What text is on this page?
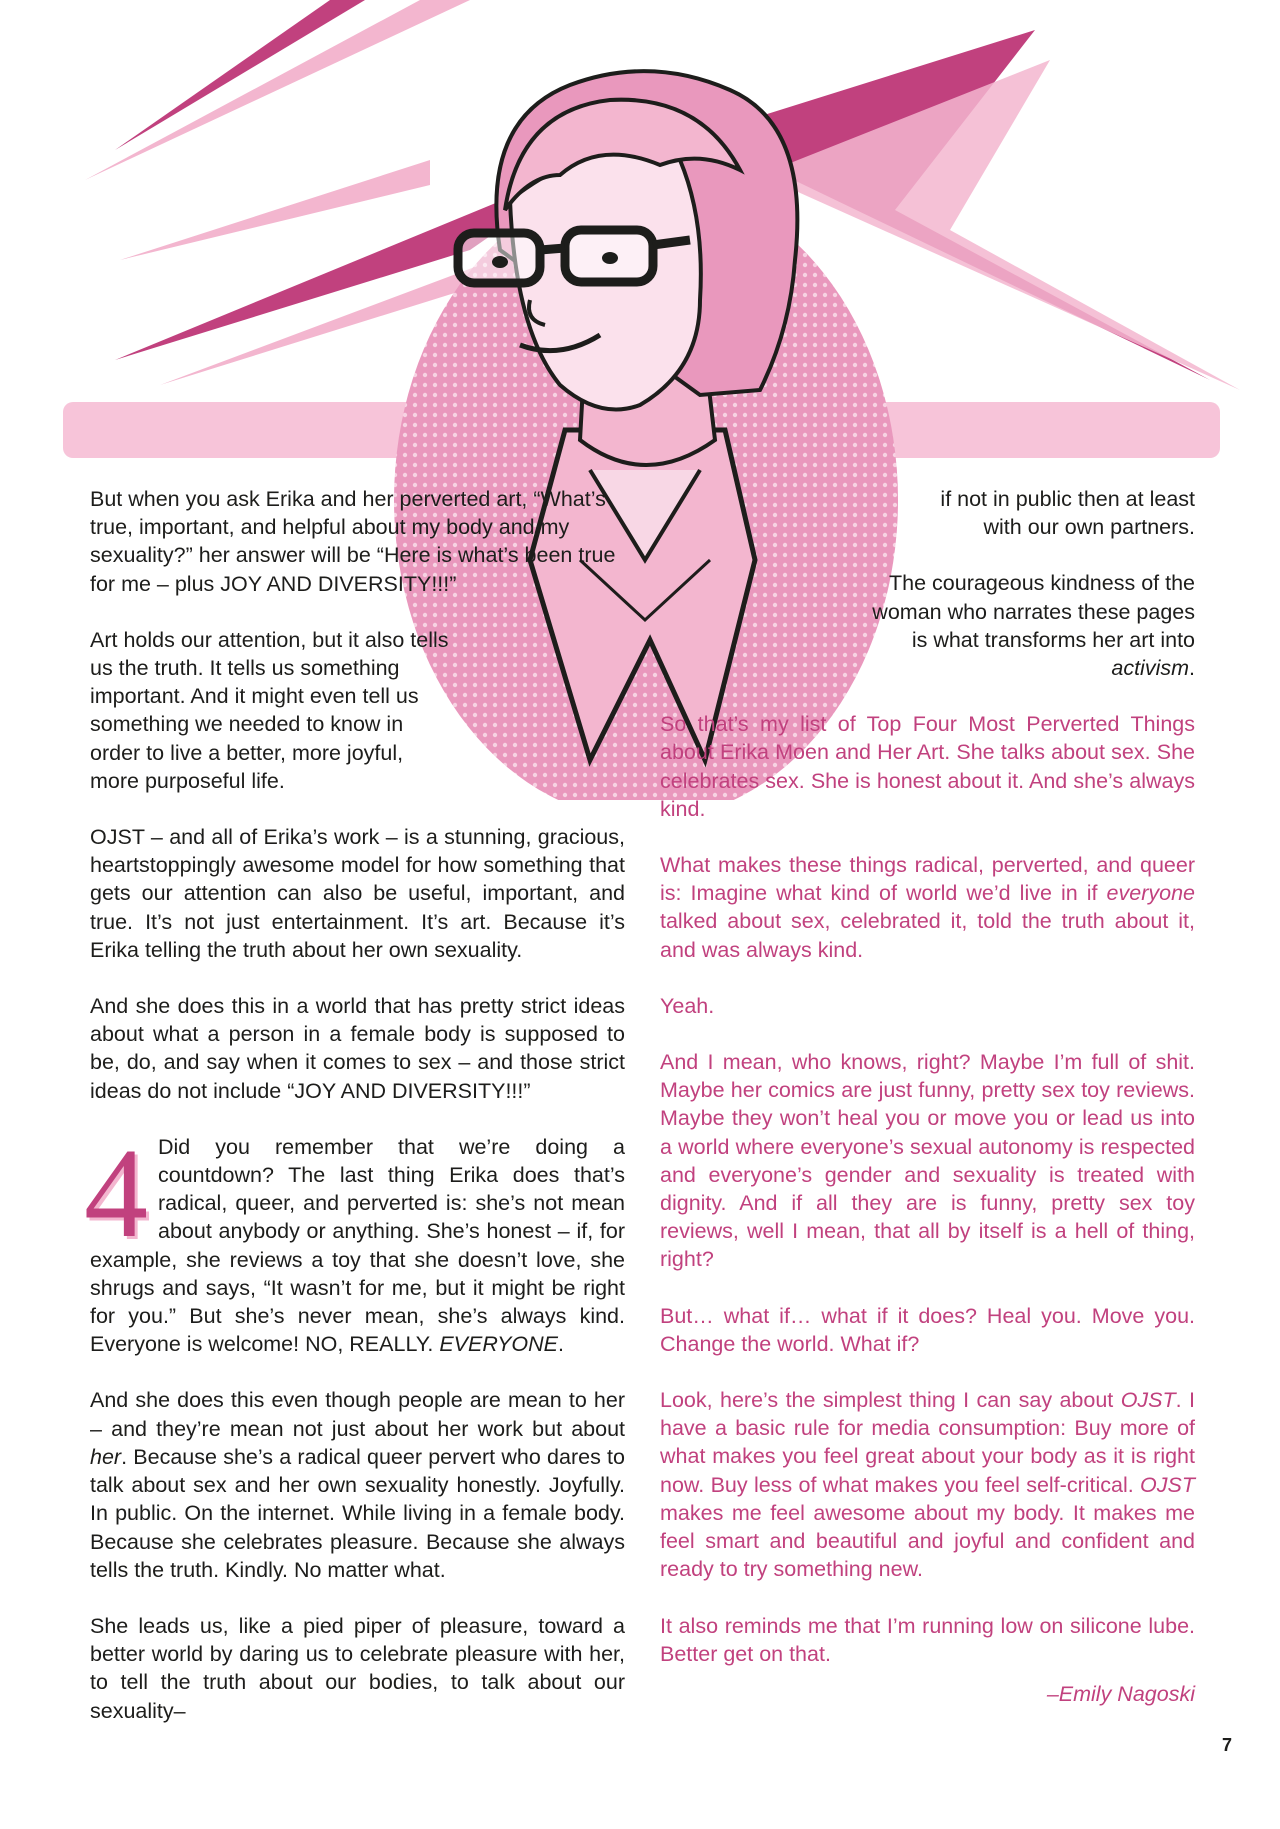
But when you ask Erika and her perverted art, “What’s true, important, and helpful about my body and my sexuality?” her answer will be “Here is what’s been true for me – plus JOY AND DIVERSITY!!!”

Art holds our attention, but it also tells us the truth. It tells us something important. And it might even tell us something we needed to know in order to live a better, more joyful, more purposeful life.

OJST – and all of Erika’s work – is a stunning, gracious, heartstoppingly awesome model for how something that gets our attention can also be useful, important, and true. It’s not just entertainment. It’s art. Because it’s Erika telling the truth about her own sexuality.

And she does this in a world that has pretty strict ideas about what a person in a female body is supposed to be, do, and say when it comes to sex – and those strict ideas do not include “JOY AND DIVERSITY!!!”

4 Did you remember that we’re doing a countdown? The last thing Erika does that’s radical, queer, and perverted is: she’s not mean about anybody or anything. She’s honest – if, for example, she reviews a toy that she doesn’t love, she shrugs and says, “It wasn’t for me, but it might be right for you.” But she’s never mean, she’s always kind. Everyone is welcome! NO, REALLY. EVERYONE.

And she does this even though people are mean to her – and they’re mean not just about her work but about her. Because she’s a radical queer pervert who dares to talk about sex and her own sexuality honestly. Joyfully. In public. On the internet. While living in a female body. Because she celebrates pleasure. Because she always tells the truth. Kindly. No matter what.

She leads us, like a pied piper of pleasure, toward a better world by daring us to celebrate pleasure with her, to tell the truth about our bodies, to talk about our sexuality–

if not in public then at least with our own partners.

The courageous kindness of the woman who narrates these pages is what transforms her art into activism.

So that’s my list of Top Four Most Perverted Things about Erika Moen and Her Art. She talks about sex. She celebrates sex. She is honest about it. And she’s always kind.

What makes these things radical, perverted, and queer is: Imagine what kind of world we’d live in if everyone talked about sex, celebrated it, told the truth about it, and was always kind.

Yeah.

And I mean, who knows, right? Maybe I’m full of shit. Maybe her comics are just funny, pretty sex toy reviews. Maybe they won’t heal you or move you or lead us into a world where everyone’s sexual autonomy is respected and everyone’s gender and sexuality is treated with dignity. And if all they are is funny, pretty sex toy reviews, well I mean, that all by itself is a hell of thing, right?

But… what if… what if it does? Heal you. Move you. Change the world. What if?

Look, here’s the simplest thing I can say about OJST. I have a basic rule for media consumption: Buy more of what makes you feel great about your body as it is right now. Buy less of what makes you feel self-critical. OJST makes me feel awesome about my body. It makes me feel smart and beautiful and joyful and confident and ready to try something new.

It also reminds me that I’m running low on silicone lube. Better get on that.

–Emily Nagoski

7
